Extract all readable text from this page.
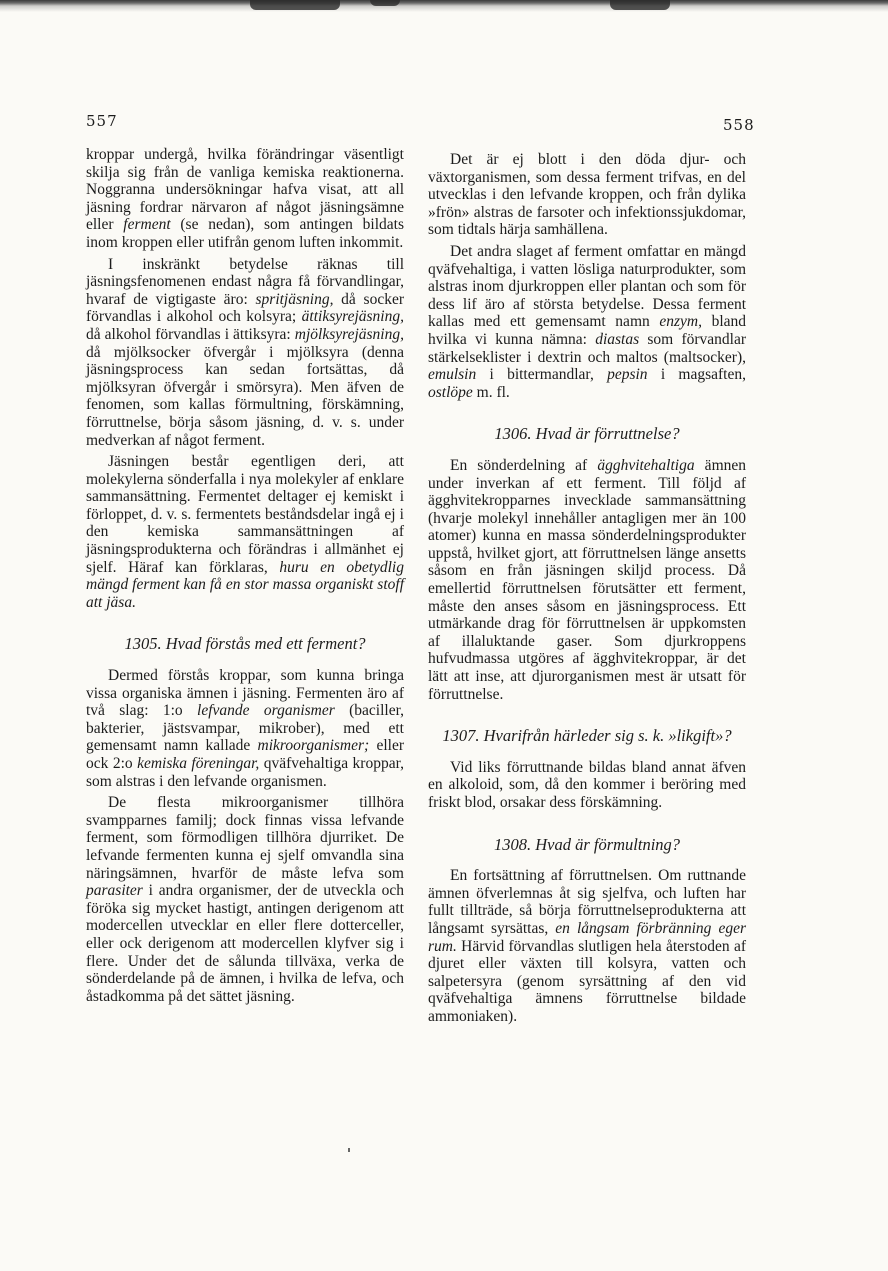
557	558

kroppar undergå, hvilka förändringar väsentligt skilja sig från de vanliga kemiska reaktionerna. Noggranna undersökningar hafva visat, att all jäsning fordrar närvaron af något jäsningsämne eller ferment (se nedan), som antingen bildats inom kroppen eller utifrån genom luften inkommit.

I inskränkt betydelse räknas till jäsningsfenomenen endast några få förvandlingar, hvaraf de vigtigaste äro: spritjäsning, då socker förvandlas i alkohol och kolsyra; ättiksyrejäsning, då alkohol förvandlas i ättiksyra: mjölksyrejäsning, då mjölksocker öfvergår i mjölksyra (denna jäsningsprocess kan sedan fortsättas, då mjölksyran öfvergår i smörsyra). Men äfven de fenomen, som kallas förmultning, förskämning, förruttnelse, börja såsom jäsning, d. v. s. under medverkan af något ferment.

Jäsningen består egentligen deri, att molekylerna sönderfalla i nya molekyler af enklare sammansättning. Fermentet deltager ej kemiskt i förloppet, d. v. s. fermentets beståndsdelar ingå ej i den kemiska sammansättningen af jäsningsprodukterna och förändras i allmänhet ej sjelf. Häraf kan förklaras, huru en obetydlig mängd ferment kan få en stor massa organiskt stoff att jäsa.

1305. Hvad förstås med ett ferment?

Dermed förstås kroppar, som kunna bringa vissa organiska ämnen i jäsning. Fermenten äro af två slag: 1:o lefvande organismer (baciller, bakterier, jästsvampar, mikrober), med ett gemensamt namn kallade mikroorganismer; eller ock 2:o kemiska föreningar, qväfvehaltiga kroppar, som alstras i den lefvande organismen.

De flesta mikroorganismer tillhöra svampparnes familj; dock finnas vissa lefvande ferment, som förmodligen tillhöra djurriket. De lefvande fermenten kunna ej sjelf omvandla sina näringsämnen, hvarför de måste lefva som parasiter i andra organismer, der de utveckla och föröka sig mycket hastigt, antingen derigenom att modercellen utvecklar en eller flere dotterceller, eller ock derigenom att modercellen klyfver sig i flere. Under det de sålunda tillväxa, verka de sönderdelande på de ämnen, i hvilka de lefva, och åstadkomma på det sättet jäsning.

Det är ej blott i den döda djur- och växtorganismen, som dessa ferment trifvas, en del utvecklas i den lefvande kroppen, och från dylika »frön» alstras de farsoter och infektionssjukdomar, som tidtals härja samhällena.

Det andra slaget af ferment omfattar en mängd qväfvehaltiga, i vatten lösliga naturprodukter, som alstras inom djurkroppen eller plantan och som för dess lif äro af största betydelse. Dessa ferment kallas med ett gemensamt namn enzym, bland hvilka vi kunna nämna: diastas som förvandlar stärkelseklister i dextrin och maltos (maltsocker), emulsin i bittermandlar, pepsin i magsaften, ostlöpe m. fl.

1306. Hvad är förruttnelse?

En sönderdelning af ägghvitehaltiga ämnen under inverkan af ett ferment. Till följd af ägghvitekropparnes invecklade sammansättning (hvarje molekyl innehåller antagligen mer än 100 atomer) kunna en massa sönderdelningsprodukter uppstå, hvilket gjort, att förruttnelsen länge ansetts såsom en från jäsningen skiljd process. Då emellertid förruttnelsen förutsätter ett ferment, måste den anses såsom en jäsningsprocess. Ett utmärkande drag för förruttnelsen är uppkomsten af illaluktande gaser. Som djurkroppens hufvudmassa utgöres af ägghvitekroppar, är det lätt att inse, att djurorganismen mest är utsatt för förruttnelse.

1307. Hvarifrån härleder sig s. k. »likgift»?

Vid liks förruttnande bildas bland annat äfven en alkoloid, som, då den kommer i beröring med friskt blod, orsakar dess förskämning.

1308. Hvad är förmultning?

En fortsättning af förruttnelsen. Om ruttnande ämnen öfverlemnas åt sig sjelfva, och luften har fullt tillträde, så börja förruttnelseprodukterna att långsamt syrsättas, en långsam förbränning eger rum. Härvid förvandlas slutligen hela återstoden af djuret eller växten till kolsyra, vatten och salpetersyra (genom syrsättning af den vid qväfvehaltiga ämnens förruttnelse bildade ammoniaken).
